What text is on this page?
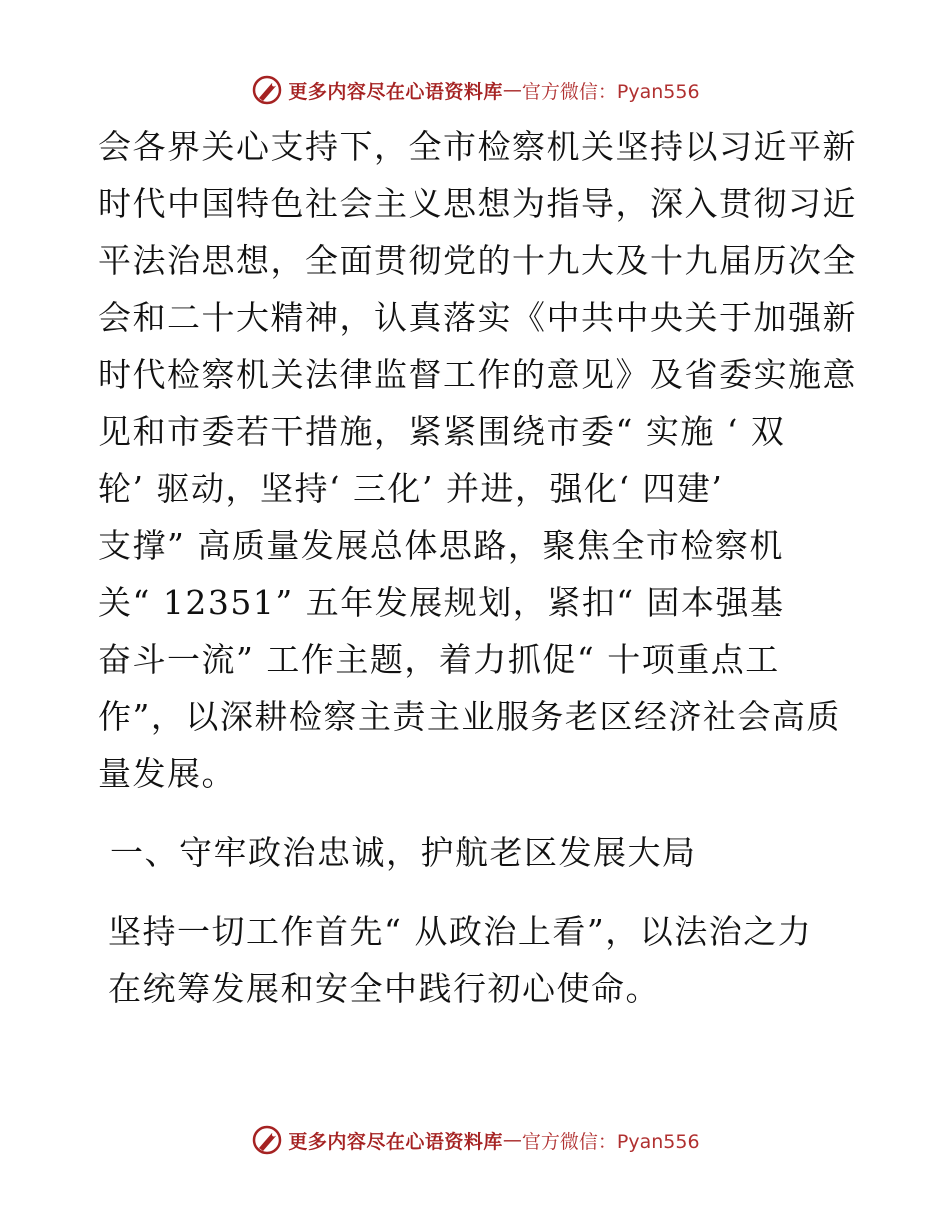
更多内容尽在心语资料库 — 官方微信：Pyan556
会各界关心支持下，全市检察机关坚持以习近平新
时代中国特色社会主义思想为指导，深入贯彻习近
平法治思想，全面贯彻党的十九大及十九届历次全
会和二十大精神，认真落实《中共中央关于加强新
时代检察机关法律监督工作的意见》及省委实施意
见和市委若干措施，紧紧围绕市委“ 实施 ‘ 双
轮’ 驱动，坚持‘ 三化’ 并进，强化‘ 四建’
支撑” 高质量发展总体思路，聚焦全市检察机
关“ 12351” 五年发展规划，紧扣“ 固本强基
奋斗一流” 工作主题，着力抓促“ 十项重点工
作”，以深耕检察主责主业服务老区经济社会高质
量发展。
一、守牢政治忠诚，护航老区发展大局
坚持一切工作首先“ 从政治上看”，以法治之力
在统筹发展和安全中践行初心使命。
更多内容尽在心语资料库 — 官方微信：Pyan556
